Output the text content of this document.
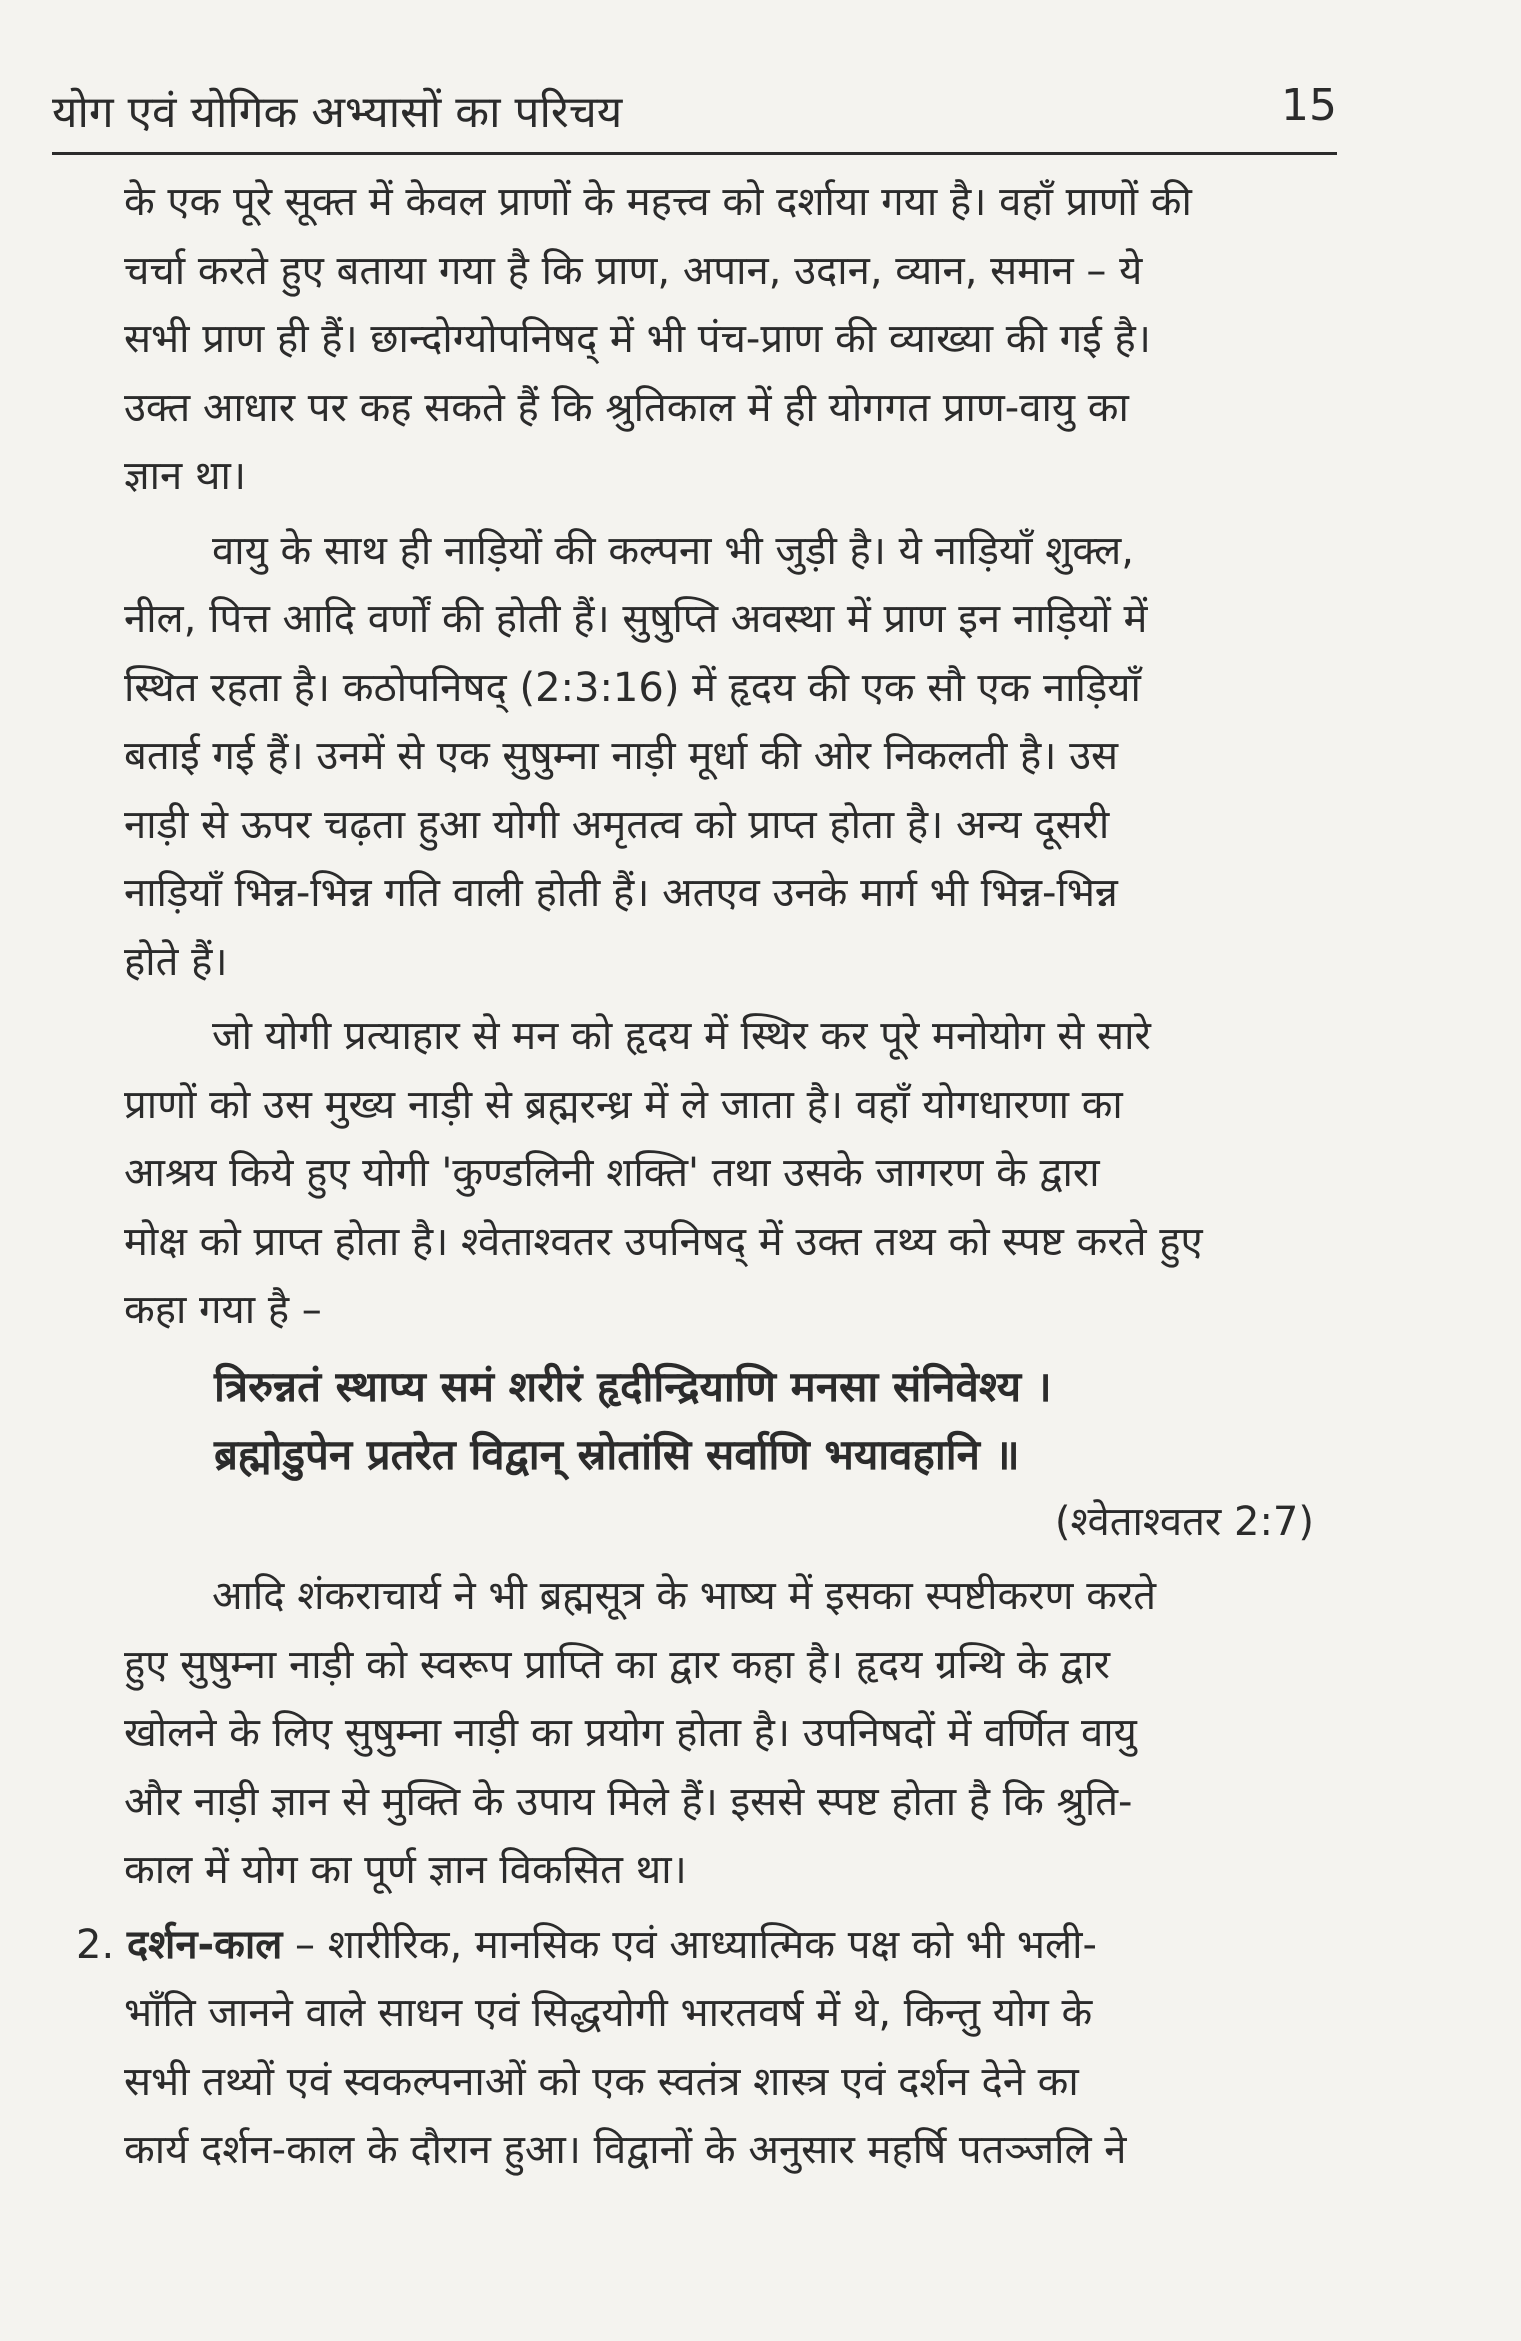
योग एवं योगिक अभ्यासों का परिचय	15
के एक पूरे सूक्त में केवल प्राणों के महत्त्व को दर्शाया गया है। वहाँ प्राणों की
चर्चा करते हुए बताया गया है कि प्राण, अपान, उदान, व्यान, समान – ये
सभी प्राण ही हैं। छान्दोग्योपनिषद् में भी पंच-प्राण की व्याख्या की गई है।
उक्त आधार पर कह सकते हैं कि श्रुतिकाल में ही योगगत प्राण-वायु का
ज्ञान था।
वायु के साथ ही नाड़ियों की कल्पना भी जुड़ी है। ये नाड़ियाँ शुक्ल,
नील, पित्त आदि वर्णों की होती हैं। सुषुप्ति अवस्था में प्राण इन नाड़ियों में
स्थित रहता है। कठोपनिषद् (2:3:16) में हृदय की एक सौ एक नाड़ियाँ
बताई गई हैं। उनमें से एक सुषुम्ना नाड़ी मूर्धा की ओर निकलती है। उस
नाड़ी से ऊपर चढ़ता हुआ योगी अमृतत्व को प्राप्त होता है। अन्य दूसरी
नाड़ियाँ भिन्न-भिन्न गति वाली होती हैं। अतएव उनके मार्ग भी भिन्न-भिन्न
होते हैं।
जो योगी प्रत्याहार से मन को हृदय में स्थिर कर पूरे मनोयोग से सारे
प्राणों को उस मुख्य नाड़ी से ब्रह्मरन्ध्र में ले जाता है। वहाँ योगधारणा का
आश्रय किये हुए योगी 'कुण्डलिनी शक्ति' तथा उसके जागरण के द्वारा
मोक्ष को प्राप्त होता है। श्वेताश्वतर उपनिषद् में उक्त तथ्य को स्पष्ट करते हुए
कहा गया है –
त्रिरुन्नतं स्थाप्य समं शरीरं हृदीन्द्रियाणि मनसा संनिवेश्य ।
ब्रह्मोडुपेन प्रतरेत विद्वान् स्रोतांसि सर्वाणि भयावहानि ॥
(श्वेताश्वतर 2:7)
आदि शंकराचार्य ने भी ब्रह्मसूत्र के भाष्य में इसका स्पष्टीकरण करते
हुए सुषुम्ना नाड़ी को स्वरूप प्राप्ति का द्वार कहा है। हृदय ग्रन्थि के द्वार
खोलने के लिए सुषुम्ना नाड़ी का प्रयोग होता है। उपनिषदों में वर्णित वायु
और नाड़ी ज्ञान से मुक्ति के उपाय मिले हैं। इससे स्पष्ट होता है कि श्रुति-
काल में योग का पूर्ण ज्ञान विकसित था।
2. दर्शन-काल – शारीरिक, मानसिक एवं आध्यात्मिक पक्ष को भी भली-
भाँति जानने वाले साधन एवं सिद्धयोगी भारतवर्ष में थे, किन्तु योग के
सभी तथ्यों एवं स्वकल्पनाओं को एक स्वतंत्र शास्त्र एवं दर्शन देने का
कार्य दर्शन-काल के दौरान हुआ। विद्वानों के अनुसार महर्षि पतञ्जलि ने
